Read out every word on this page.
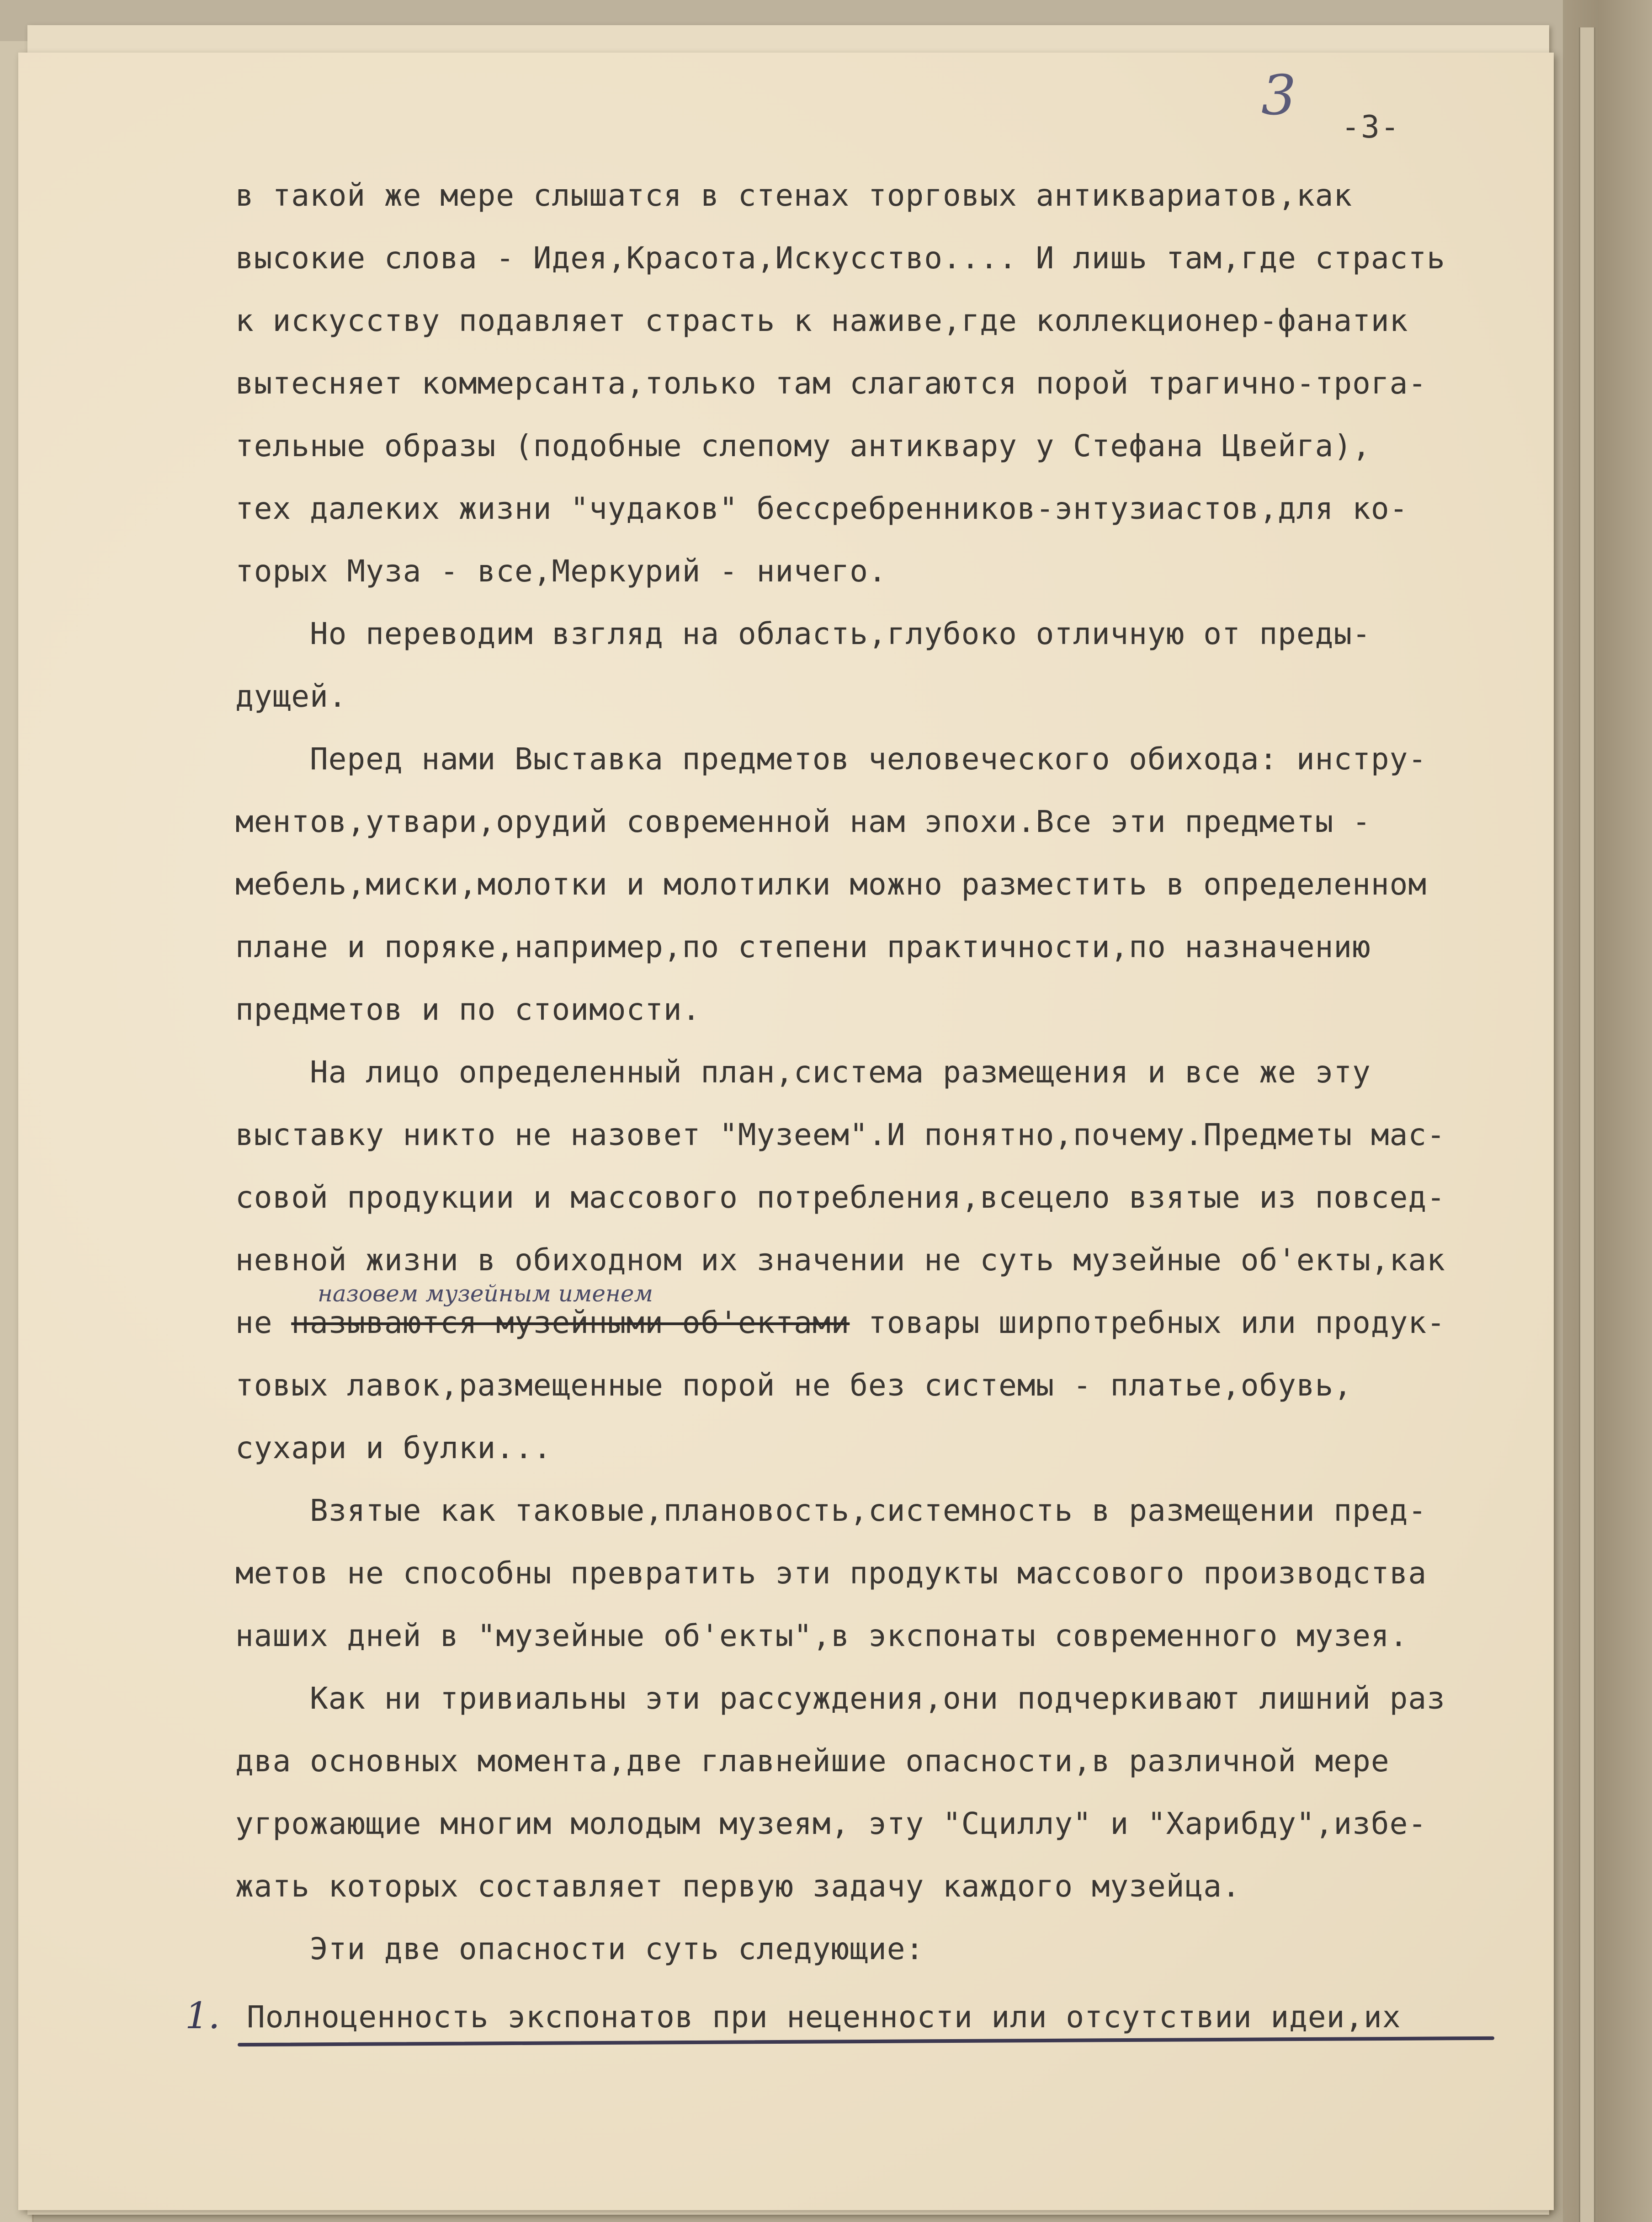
3 -3-
в такой же мере слышатся в стенах торговых антиквариатов,как
высокие слова - Идея,Красота,Искусство.... И лишь там,где страсть
к искусству подавляет страсть к наживе,где коллекционер-фанатик
вытесняет коммерсанта,только там слагаются порой трагично-трога-
тельные образы (подобные слепому антиквару у Стефана Цвейга),
тех далеких жизни "чудаков" бессребренников-энтузиастов,для ко-
торых Муза - все,Меркурий - ничего.
Но переводим взгляд на область,глубоко отличную от преды-
дущей.
Перед нами Выставка предметов человеческого обихода: инстру-
ментов,утвари,орудий современной нам эпохи.Все эти предметы -
мебель,миски,молотки и молотилки можно разместить в определенном
плане и поряке,например,по степени практичности,по назначению
предметов и по стоимости.
На лицо определенный план,система размещения и все же эту
выставку никто не назовет "Музеем".И понятно,почему.Предметы мас-
совой продукции и массового потребления,всецело взятые из повсед-
невной жизни в обиходном их значении не суть музейные об'екты,как
не называются музейными об'ектами товары ширпотребных или продук-
товых лавок,размещенные порой не без системы - платье,обувь,
сухари и булки...
Взятые как таковые,плановость,системность в размещении пред-
метов не способны превратить эти продукты массового производства
наших дней в "музейные об'екты",в экспонаты современного музея.
Как ни тривиальны эти рассуждения,они подчеркивают лишний раз
два основных момента,две главнейшие опасности,в различной мере
угрожающие многим молодым музеям, эту "Сциллу" и "Харибду",избе-
жать которых составляет первую задачу каждого музейца.
Эти две опасности суть следующие:
Полноценность экспонатов при неценности или отсутствии идеи,их
назовем музейным именем
1.
